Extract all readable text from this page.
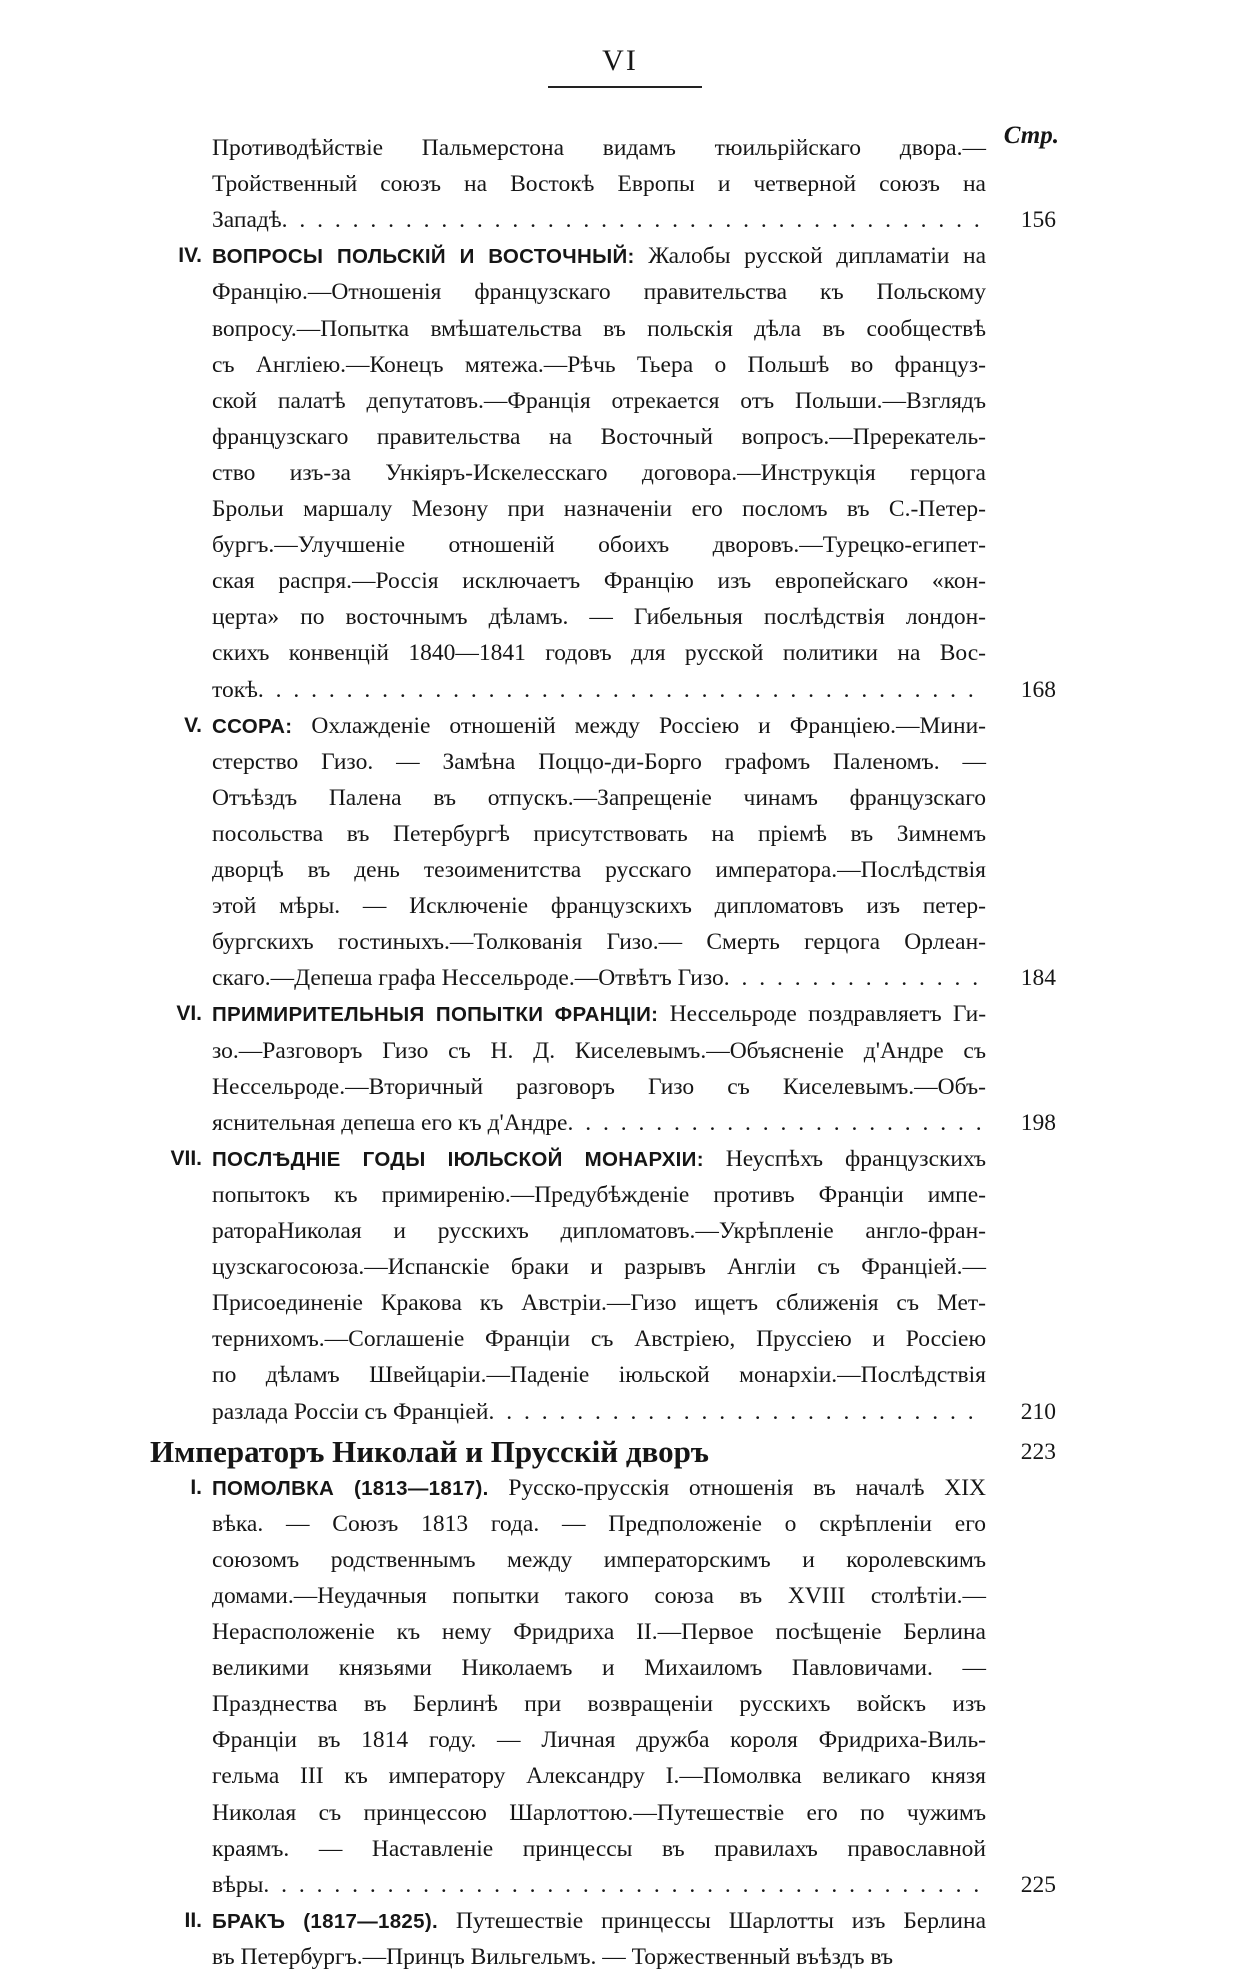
VI
Стр.
Противодѣйствіе Пальмерстона видамъ тюильрійскаго двора.—
Тройственный союзъ на Востокѣ Европы и четверной союзъ на
Западѣ . . .	156
IV. ВОПРОСЫ ПОЛЬСКІЙ И ВОСТОЧНЫЙ: Жалобы русской дипламатіи на
Францію.—Отношенія французскаго правительства къ Польскому
вопросу.—Попытка вмѣшательства въ польскія дѣла въ сообществѣ
съ Англіею.—Конецъ мятежа.—Рѣчь Тьера о Польшѣ во француз-
ской палатѣ депутатовъ.—Франція отрекается отъ Польши.—Взглядъ
французскаго правительства на Восточный вопросъ.—Пререкатель-
ство изъ-за Ункіяръ-Искелесскаго договора.—Инструкція герцога
Брольи маршалу Мезону при назначеніи его посломъ въ С.-Петер-
бургъ.—Улучшеніе отношеній обоихъ дворовъ.—Турецко-египет-
ская распря.—Россія исключаетъ Францію изъ европейскаго «кон-
церта» по восточнымъ дѣламъ. — Гибельныя послѣдствія лондон-
скихъ конвенцій 1840—1841 годовъ для русской политики на Вос-
токѣ . . .	168
V. ССОРА: Охлажденіе отношеній между Россіею и Франціею.—Мини-
стерство Гизо. — Замѣна Поццо-ди-Борго графомъ Паленомъ. —
Отъѣздъ Палена въ отпускъ.—Запрещеніе чинамъ французскаго
посольства въ Петербургѣ присутствовать на пріемѣ въ Зимнемъ
дворцѣ въ день тезоименитства русскаго императора.—Послѣдствія
этой мѣры. — Исключеніе французскихъ дипломатовъ изъ петер-
бургскихъ гостиныхъ.—Толкованія Гизо.— Смерть герцога Орлеан-
скаго.—Депеша графа Нессельроде.—Отвѣтъ Гизо . . .	184
VI. ПРИМИРИТЕЛЬНЫЯ ПОПЫТКИ ФРАНЦІИ: Нессельроде поздравляетъ Ги-
зо.—Разговоръ Гизо съ Н. Д. Киселевымъ.—Объясненіе д'Андре съ
Нессельроде.—Вторичный разговоръ Гизо съ Киселевымъ.—Объ-
яснительная депеша его къ д'Андре . . .	198
VII. ПОСЛѢДНІЕ ГОДЫ ІЮЛЬСКОЙ МОНАРХІИ: Неуспѣхъ французскихъ
попытокъ къ примиренію.—Предубѣжденіе противъ Франціи импе-
ратораНиколая и русскихъ дипломатовъ.—Укрѣпленіе англо-фран-
цузскагосоюза.—Испанскіе браки и разрывъ Англіи съ Франціей.—
Присоединеніе Кракова къ Австріи.—Гизо ищетъ сближенія съ Мет-
тернихомъ.—Соглашеніе Франціи съ Австріею, Пруссіею и Россіею
по дѣламъ Швейцаріи.—Паденіе іюльской монархіи.—Послѣдствія
разлада Россіи съ Франціей . . .	210
Императоръ Николай и Прусскій дворъ	223
I. ПОМОЛВКА (1813—1817). Русско-прусскія отношенія въ началѣ XIX
вѣка. — Союзъ 1813 года. — Предположеніе о скрѣпленіи его
союзомъ родственнымъ между императорскимъ и королевскимъ
домами.—Неудачныя попытки такого союза въ XVIII столѣтіи.—
Нерасположеніе къ нему Фридриха II.—Первое посѣщеніе Берлина
великими князьями Николаемъ и Михаиломъ Павловичами. —
Празднества въ Берлинѣ при возвращеніи русскихъ войскъ изъ
Франціи въ 1814 году. — Личная дружба короля Фридриха-Виль-
гельма III къ императору Александру I.—Помолвка великаго князя
Николая съ принцессою Шарлоттою.—Путешествіе его по чужимъ
краямъ. — Наставленіе принцессы въ правилахъ православной
вѣры . . .	225
II. БРАКЪ (1817—1825). Путешествіе принцессы Шарлотты изъ Берлина
въ Петербургъ.—Принцъ Вильгельмъ. — Торжественный въѣздъ въ
